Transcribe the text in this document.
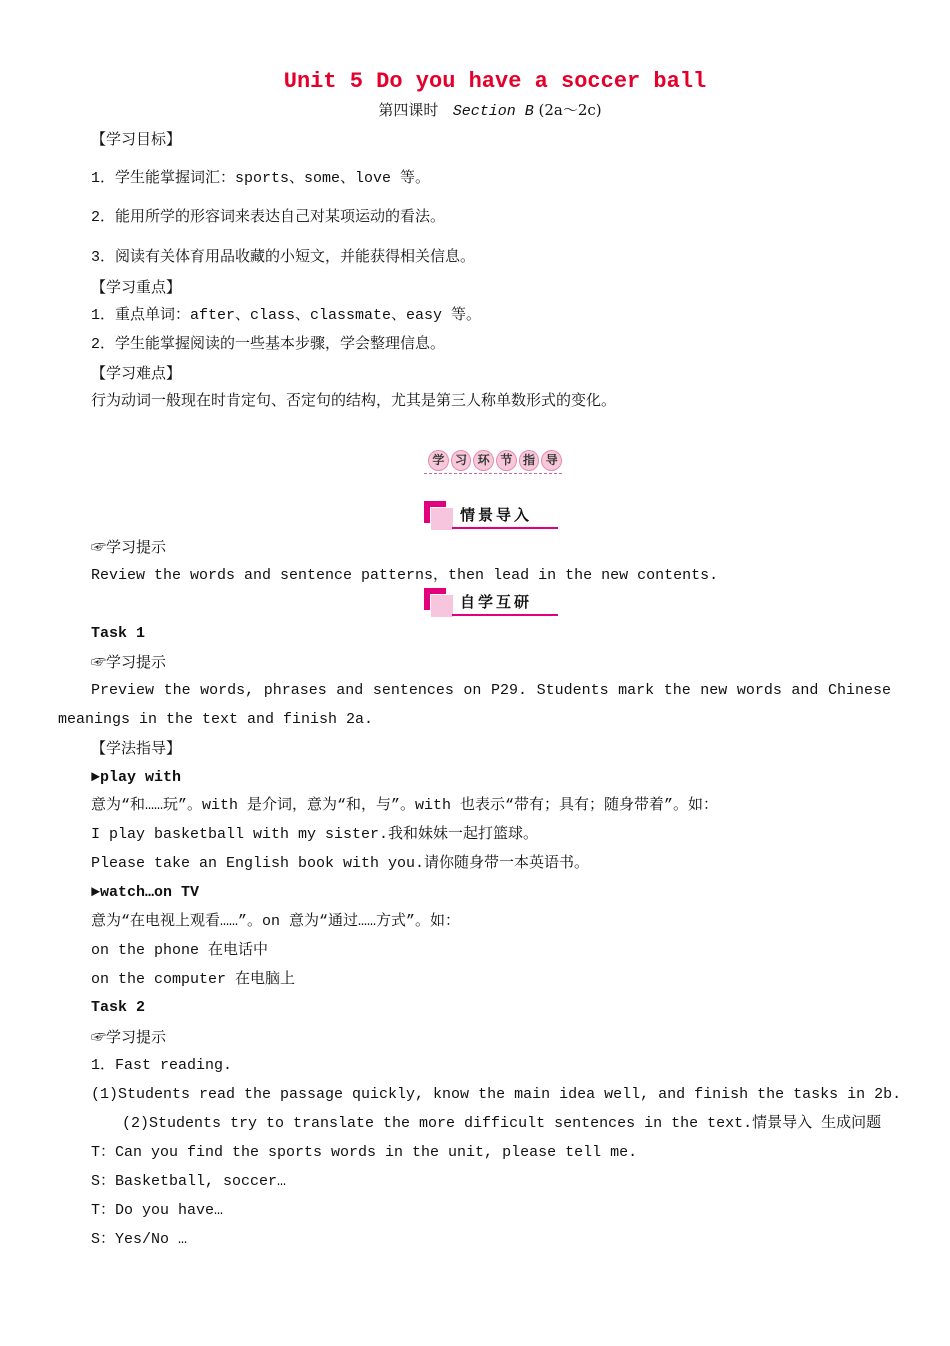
Unit 5 Do you have a soccer ball
第四课时 Section B (2a～2c)
【学习目标】
1．学生能掌握词汇：sports、some、love 等。
2．能用所学的形容词来表达自己对某项运动的看法。
3．阅读有关体育用品收藏的小短文，并能获得相关信息。
【学习重点】
1．重点单词：after、class、classmate、easy 等。
2．学生能掌握阅读的一些基本步骤，学会整理信息。
【学习难点】
行为动词一般现在时肯定句、否定句的结构，尤其是第三人称单数形式的变化。
学 习 环 节 指 导
情景导入
☞学习提示
Review the words and sentence patterns，then lead in the new contents.
自学互研
Task 1
☞学习提示
Preview the words, phrases and sentences on P29. Students mark the new words and Chinese
meanings in the text and finish 2a.
【学法指导】
►play with
意为“和……玩”。with 是介词，意为“和，与”。with 也表示“带有；具有；随身带着”。如：
I play basketball with my sister.我和妹妹一起打篮球。
Please take an English book with you.请你随身带一本英语书。
►watch…on TV
意为“在电视上观看……”。on 意为“通过……方式”。如：
on the phone 在电话中
on the computer 在电脑上
Task 2
☞学习提示
1．Fast reading.
(1)Students read the passage quickly, know the main idea well, and finish the tasks in 2b.
(2)Students try to translate the more difficult sentences in the text.情景导入 生成问题
T：Can you find the sports words in the unit, please tell me.
S：Basketball, soccer…
T：Do you have…
S：Yes/No …
